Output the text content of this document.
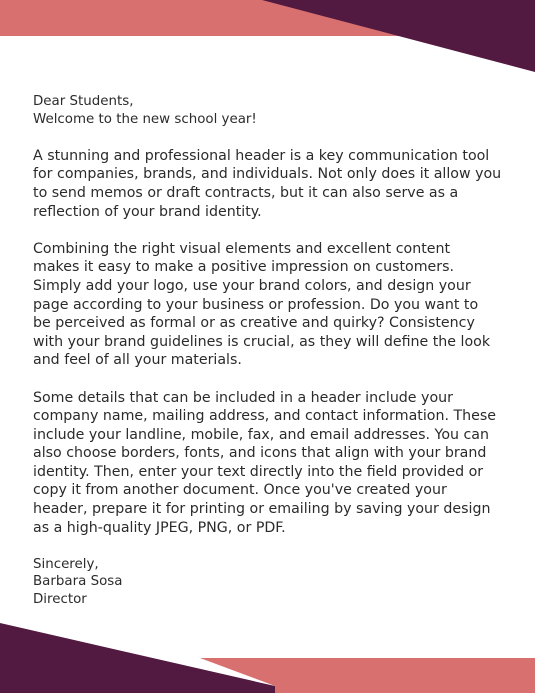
Dear Students,
Welcome to the new school year!

A stunning and professional header is a key communication tool
for companies, brands, and individuals. Not only does it allow you
to send memos or draft contracts, but it can also serve as a
reflection of your brand identity.

Combining the right visual elements and excellent content
makes it easy to make a positive impression on customers.
Simply add your logo, use your brand colors, and design your
page according to your business or profession. Do you want to
be perceived as formal or as creative and quirky? Consistency
with your brand guidelines is crucial, as they will define the look
and feel of all your materials.

Some details that can be included in a header include your
company name, mailing address, and contact information. These
include your landline, mobile, fax, and email addresses. You can
also choose borders, fonts, and icons that align with your brand
identity. Then, enter your text directly into the field provided or
copy it from another document. Once you've created your
header, prepare it for printing or emailing by saving your design
as a high-quality JPEG, PNG, or PDF.

Sincerely,
Barbara Sosa
Director
